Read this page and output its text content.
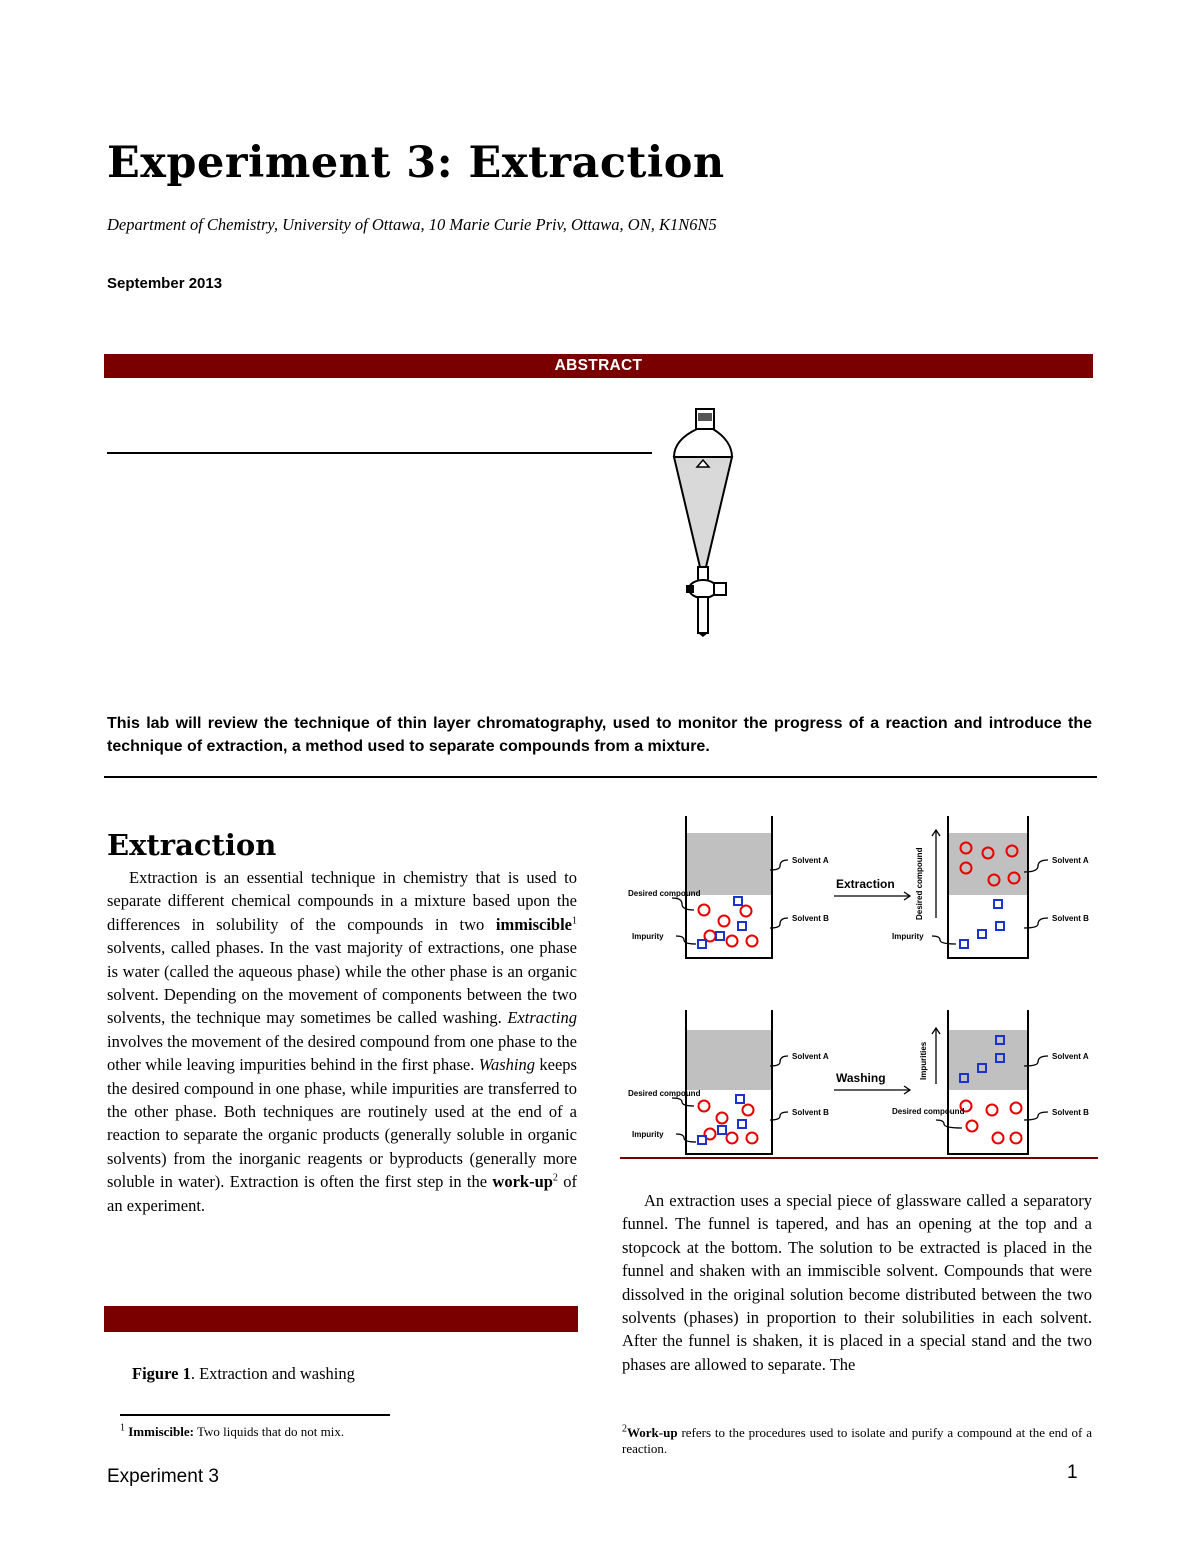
Experiment 3: Extraction
Department of Chemistry, University of Ottawa, 10 Marie Curie Priv, Ottawa, ON, K1N6N5
September 2013
ABSTRACT
This lab will review the technique of thin layer chromatography, used to monitor the progress of a reaction and introduce the technique of extraction, a method used to separate compounds from a mixture.
Extraction

Extraction is an essential technique in chemistry that is used to separate different chemical compounds in a mixture based upon the differences in solubility of the compounds in two immiscible$^1$ solvents, called phases. In the vast majority of extractions, one phase is water (called the aqueous phase) while the other phase is an organic solvent. Depending on the movement of components between the two solvents, the technique may sometimes be called washing. Extracting involves the movement of the desired compound from one phase to the other while leaving impurities behind in the first phase. Washing keeps the desired compound in one phase, while impurities are transferred to the other phase. Both techniques are routinely used at the end of a reaction to separate the organic products (generally soluble in organic solvents) from the inorganic reagents or byproducts (generally more soluble in water). Extraction is often the first step in the work-$up^2$ of an experiment.

Figure 1. Extraction and washing
$^1$ Immiscible: Two liquids that do not mix.
Solvent A
Solvent B
Desired compound
Impurity
Solvent A
Solvent B
Impurity
Solvent A
Solvent B
Desired compound
Impurity
Solvent A
Solvent B
Desired compound
Desired compound
Impurities
Extraction
Washing

An extraction uses a special piece of glassware called a separatory funnel. The funnel is tapered, and has an opening at the top and a stopcock at the bottom. The solution to be extracted is placed in the funnel and shaken with an immiscible solvent. Compounds that were dissolved in the original solution become distributed between the two solvents (phases) in proportion to their solubilities in each solvent. After the funnel is shaken, it is placed in a special stand and the two phases are allowed to separate. The

$^2$Work-up refers to the procedures used to isolate and purify a compound at the end of a reaction.
Experiment 3	1
